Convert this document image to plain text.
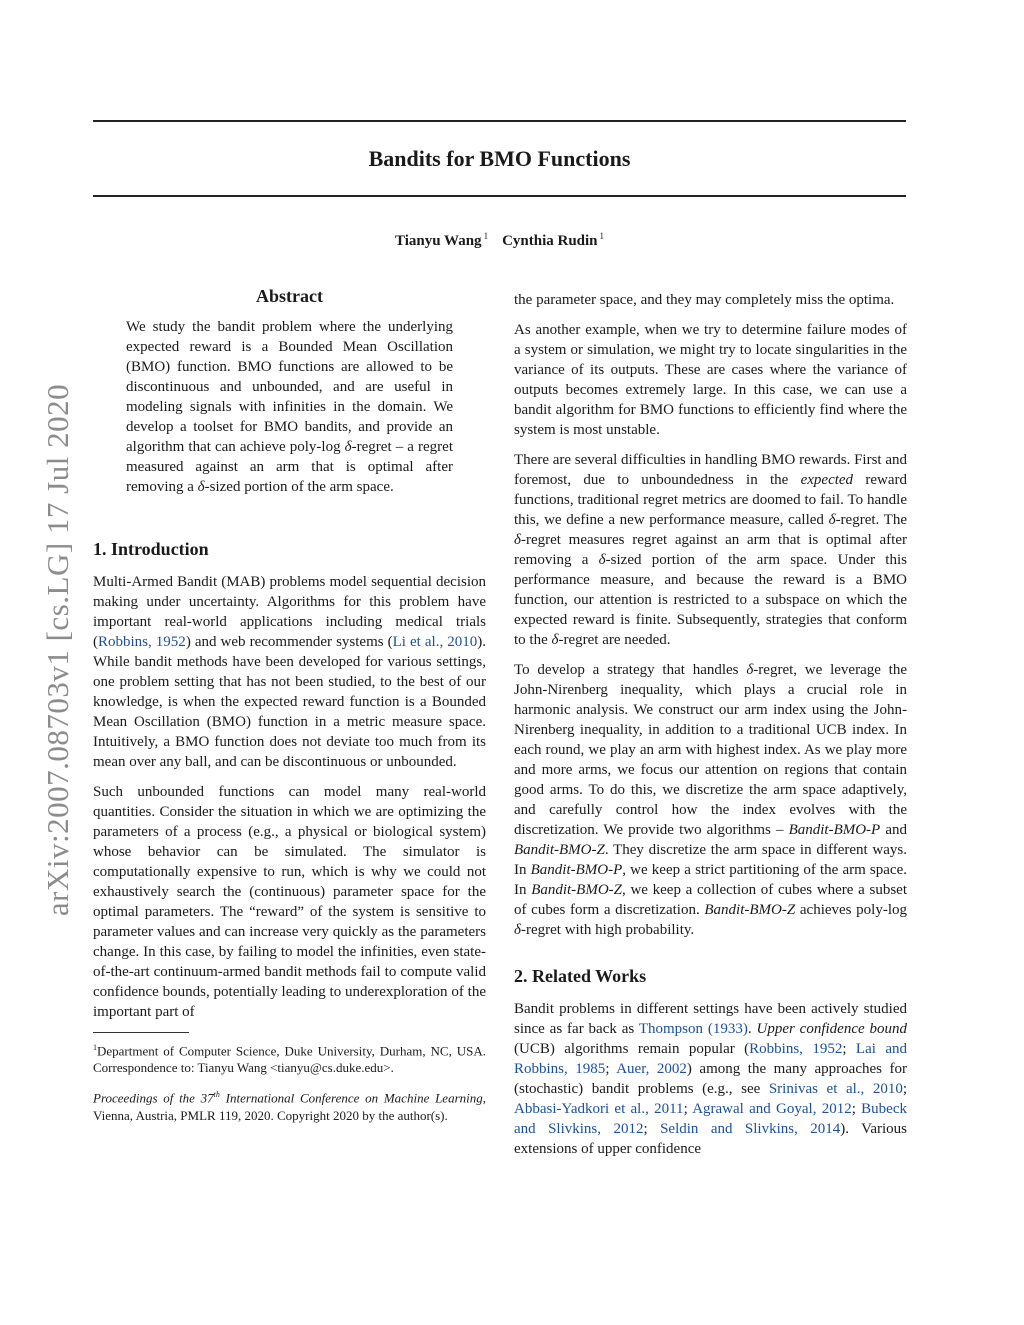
arXiv:2007.08703v1 [cs.LG] 17 Jul 2020
Bandits for BMO Functions
Tianyu Wang $^1$ Cynthia Rudin $^1$
Abstract

We study the bandit problem where the underlying expected reward is a Bounded Mean Oscillation (BMO) function. BMO functions are allowed to be discontinuous and unbounded, and are useful in modeling signals with infinities in the domain. We develop a toolset for BMO bandits, and provide an algorithm that can achieve poly-log δ-regret – a regret measured against an arm that is optimal after removing a δ-sized portion of the arm space.

1. Introduction

Multi-Armed Bandit (MAB) problems model sequential decision making under uncertainty. Algorithms for this problem have important real-world applications including medical trials (Robbins, 1952) and web recommender systems (Li et al., 2010). While bandit methods have been developed for various settings, one problem setting that has not been studied, to the best of our knowledge, is when the expected reward function is a Bounded Mean Oscillation (BMO) function in a metric measure space. Intuitively, a BMO function does not deviate too much from its mean over any ball, and can be discontinuous or unbounded.

Such unbounded functions can model many real-world quantities. Consider the situation in which we are optimizing the parameters of a process (e.g., a physical or biological system) whose behavior can be simulated. The simulator is computationally expensive to run, which is why we could not exhaustively search the (continuous) parameter space for the optimal parameters. The “reward” of the system is sensitive to parameter values and can increase very quickly as the parameters change. In this case, by failing to model the infinities, even state-of-the-art continuum-armed bandit methods fail to compute valid confidence bounds, potentially leading to underexploration of the important part of

$^1$Department of Computer Science, Duke University, Durham, NC, USA. Correspondence to: Tianyu Wang <tianyu@cs.duke.edu>.
Proceedings of the 37th International Conference on Machine Learning, Vienna, Austria, PMLR 119, 2020. Copyright 2020 by the author(s).

the parameter space, and they may completely miss the optima.

As another example, when we try to determine failure modes of a system or simulation, we might try to locate singularities in the variance of its outputs. These are cases where the variance of outputs becomes extremely large. In this case, we can use a bandit algorithm for BMO functions to efficiently find where the system is most unstable.

There are several difficulties in handling BMO rewards. First and foremost, due to unboundedness in the expected reward functions, traditional regret metrics are doomed to fail. To handle this, we define a new performance measure, called δ-regret. The δ-regret measures regret against an arm that is optimal after removing a δ-sized portion of the arm space. Under this performance measure, and because the reward is a BMO function, our attention is restricted to a subspace on which the expected reward is finite. Subsequently, strategies that conform to the δ-regret are needed.

To develop a strategy that handles δ-regret, we leverage the John-Nirenberg inequality, which plays a crucial role in harmonic analysis. We construct our arm index using the John-Nirenberg inequality, in addition to a traditional UCB index. In each round, we play an arm with highest index. As we play more and more arms, we focus our attention on regions that contain good arms. To do this, we discretize the arm space adaptively, and carefully control how the index evolves with the discretization. We provide two algorithms – Bandit-BMO-P and Bandit-BMO-Z. They discretize the arm space in different ways. In Bandit-BMO-P, we keep a strict partitioning of the arm space. In Bandit-BMO-Z, we keep a collection of cubes where a subset of cubes form a discretization. Bandit-BMO-Z achieves poly-log δ-regret with high probability.

2. Related Works

Bandit problems in different settings have been actively studied since as far back as Thompson (1933). Upper confidence bound (UCB) algorithms remain popular (Robbins, 1952; Lai and Robbins, 1985; Auer, 2002) among the many approaches for (stochastic) bandit problems (e.g., see Srinivas et al., 2010; Abbasi-Yadkori et al., 2011; Agrawal and Goyal, 2012; Bubeck and Slivkins, 2012; Seldin and Slivkins, 2014). Various extensions of upper confidence
